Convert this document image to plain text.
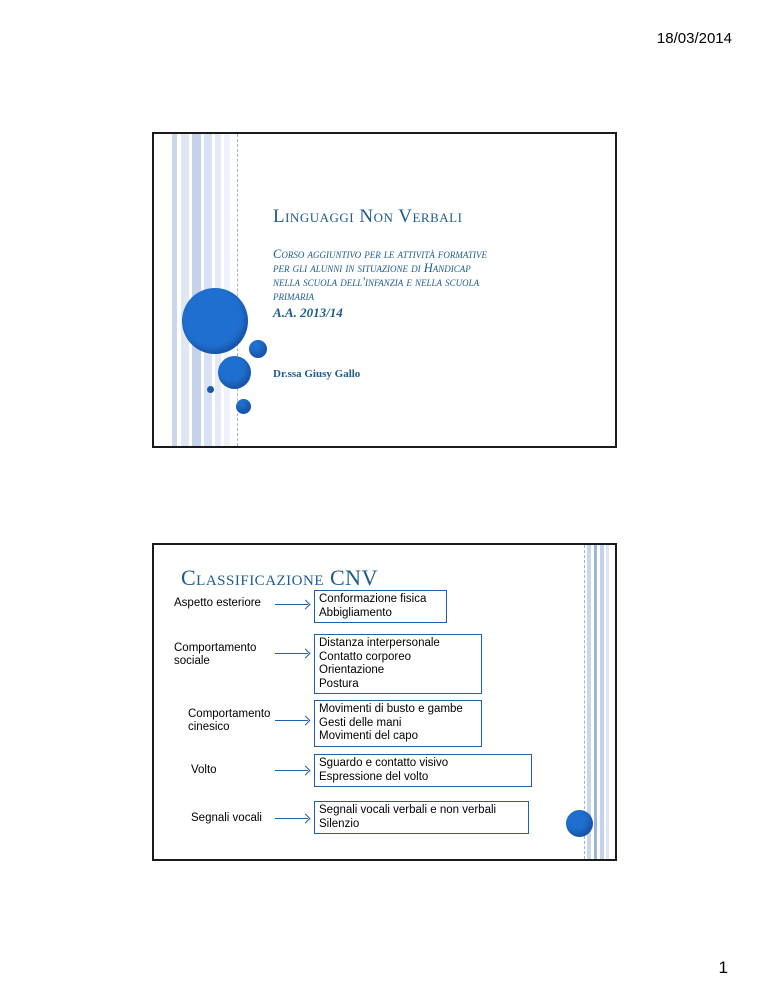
18/03/2014
Linguaggi Non Verbali
Corso aggiuntivo per le attività formative
per gli alunni in situazione di Handicap
nella scuola dell'infanzia e nella scuola
primaria
A.A. 2013/14
Dr.ssa Giusy Gallo
Classificazione CNV
Aspetto esteriore	Conformazione fisica
Abbigliamento
Comportamento sociale
Distanza interpersonale
Contatto corporeo
Orientazione
Postura
Comportamento cinesico
Movimenti di busto e gambe
Gesti delle mani
Movimenti del capo
Volto
Sguardo e contatto visivo
Espressione del volto
Segnali vocali
Segnali vocali verbali e non verbali
Silenzio
1
